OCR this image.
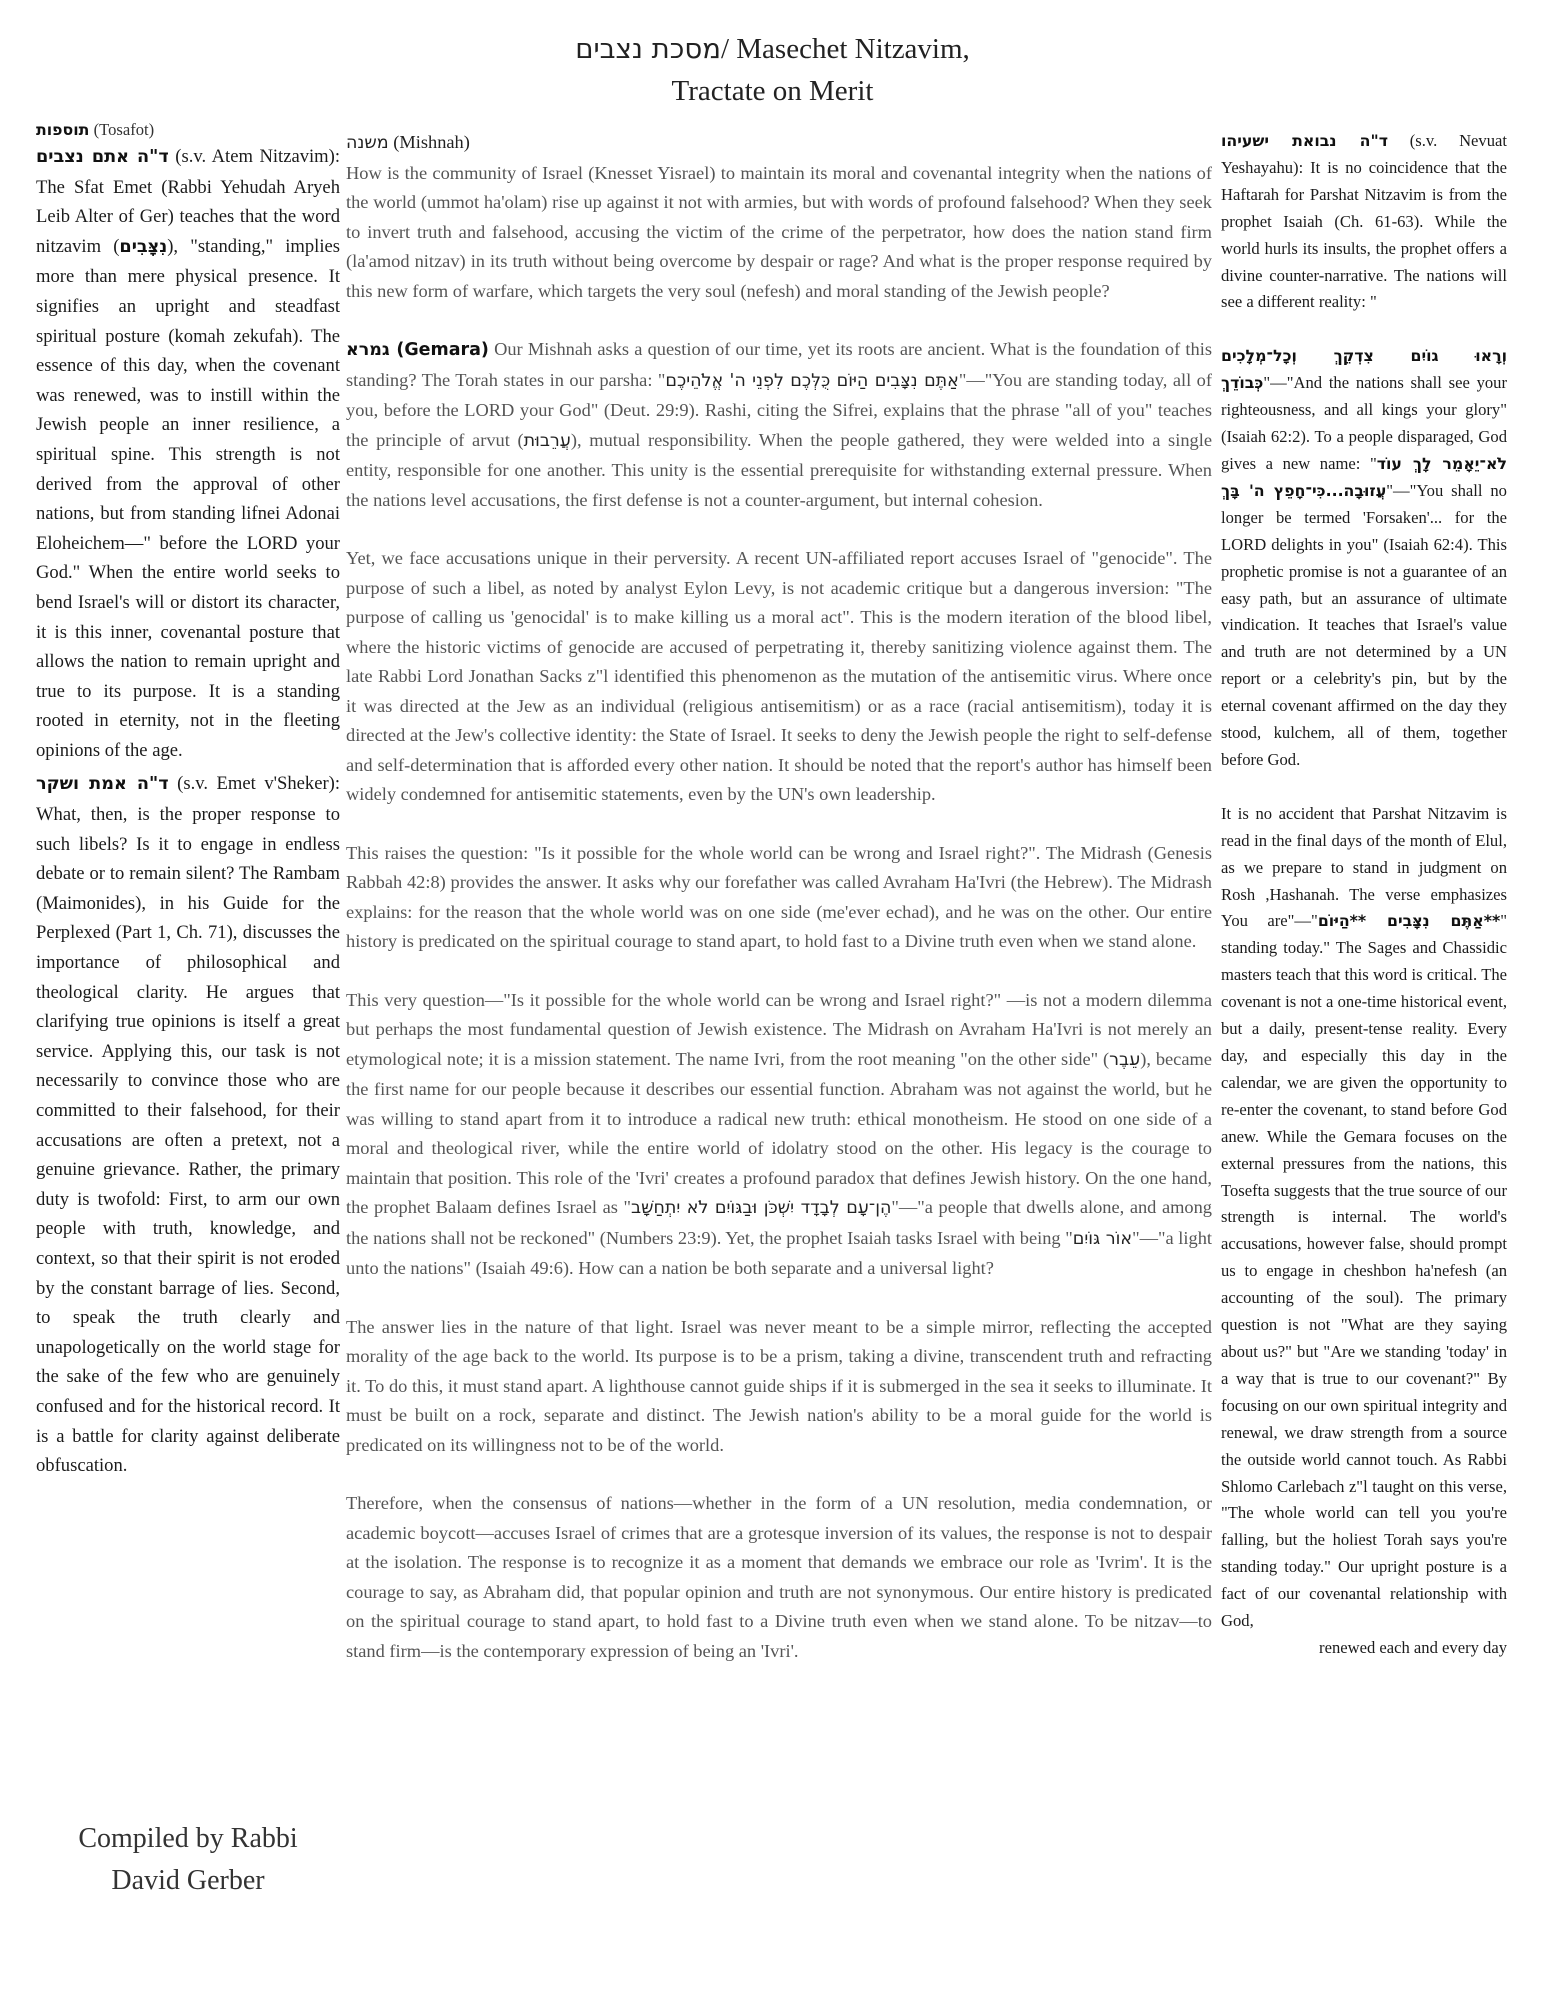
מסכת נצבים/ Masechet Nitzavim,
Tractate on Merit
תוספות (Tosafot)

ד"ה אתם נצבים (s.v. Atem Nitzavim): The Sfat Emet (Rabbi Yehudah Aryeh Leib Alter of Ger) teaches that the word nitzavim (נִצָּבִים), "standing," implies more than mere physical presence. It signifies an upright and steadfast spiritual posture (komah zekufah). The essence of this day, when the covenant was renewed, was to instill within the Jewish people an inner resilience, a spiritual spine. This strength is not derived from the approval of other nations, but from standing lifnei Adonai Eloheichem—" before the LORD your God." When the entire world seeks to bend Israel's will or distort its character, it is this inner, covenantal posture that allows the nation to remain upright and true to its purpose. It is a standing rooted in eternity, not in the fleeting opinions of the age.

ד"ה אמת ושקר (s.v. Emet v'Sheker): What, then, is the proper response to such libels? Is it to engage in endless debate or to remain silent? The Rambam (Maimonides), in his Guide for the Perplexed (Part 1, Ch. 71), discusses the importance of philosophical and theological clarity. He argues that clarifying true opinions is itself a great service. Applying this, our task is not necessarily to convince those who are committed to their falsehood, for their accusations are often a pretext, not a genuine grievance. Rather, the primary duty is twofold: First, to arm our own people with truth, knowledge, and context, so that their spirit is not eroded by the constant barrage of lies. Second, to speak the truth clearly and unapologetically on the world stage for the sake of the few who are genuinely confused and for the historical record. It is a battle for clarity against deliberate obfuscation.

Compiled by Rabbi
David Gerber
משנה (Mishnah)

How is the community of Israel (Knesset Yisrael) to maintain its moral and covenantal integrity when the nations of the world (ummot ha'olam) rise up against it not with armies, but with words of profound falsehood? When they seek to invert truth and falsehood, accusing the victim of the crime of the perpetrator, how does the nation stand firm (la'amod nitzav) in its truth without being overcome by despair or rage? And what is the proper response required by this new form of warfare, which targets the very soul (nefesh) and moral standing of the Jewish people?

גמרא (Gemara) Our Mishnah asks a question of our time, yet its roots are ancient. What is the foundation of this standing? The Torah states in our parsha: "אַתֶּם נִצָּבִים הַיּוֹם כֻּלְּכֶם לִפְנֵי ה' אֱלֹהֵיכֶם"—"You are standing today, all of you, before the LORD your God" (Deut. 29:9). Rashi, citing the Sifrei, explains that the phrase "all of you" teaches the principle of arvut (עֲרֵבוּת), mutual responsibility. When the people gathered, they were welded into a single entity, responsible for one another. This unity is the essential prerequisite for withstanding external pressure. When the nations level accusations, the first defense is not a counter-argument, but internal cohesion.

Yet, we face accusations unique in their perversity. A recent UN-affiliated report accuses Israel of "genocide". The purpose of such a libel, as noted by analyst Eylon Levy, is not academic critique but a dangerous inversion: "The purpose of calling us 'genocidal' is to make killing us a moral act". This is the modern iteration of the blood libel, where the historic victims of genocide are accused of perpetrating it, thereby sanitizing violence against them. The late Rabbi Lord Jonathan Sacks z"l identified this phenomenon as the mutation of the antisemitic virus. Where once it was directed at the Jew as an individual (religious antisemitism) or as a race (racial antisemitism), today it is directed at the Jew's collective identity: the State of Israel. It seeks to deny the Jewish people the right to self-defense and self-determination that is afforded every other nation. It should be noted that the report's author has himself been widely condemned for antisemitic statements, even by the UN's own leadership.

This raises the question: "Is it possible for the whole world can be wrong and Israel right?". The Midrash (Genesis Rabbah 42:8) provides the answer. It asks why our forefather was called Avraham Ha'Ivri (the Hebrew). The Midrash explains: for the reason that the whole world was on one side (me'ever echad), and he was on the other. Our entire history is predicated on the spiritual courage to stand apart, to hold fast to a Divine truth even when we stand alone.

This very question—"Is it possible for the whole world can be wrong and Israel right?" —is not a modern dilemma but perhaps the most fundamental question of Jewish existence. The Midrash on Avraham Ha'Ivri is not merely an etymological note; it is a mission statement. The name Ivri, from the root meaning "on the other side" (עֵבֶר), became the first name for our people because it describes our essential function. Abraham was not against the world, but he was willing to stand apart from it to introduce a radical new truth: ethical monotheism. He stood on one side of a moral and theological river, while the entire world of idolatry stood on the other. His legacy is the courage to maintain that position. This role of the 'Ivri' creates a profound paradox that defines Jewish history. On the one hand, the prophet Balaam defines Israel as "הֶן־עָם לְבָדָד יִשְׁכֹּן וּבַגּוֹיִם לֹא יִתְחַשָּׁב"—"a people that dwells alone, and among the nations shall not be reckoned" (Numbers 23:9). Yet, the prophet Isaiah tasks Israel with being "אוֹר גּוֹיִם"—"a light unto the nations" (Isaiah 49:6). How can a nation be both separate and a universal light?

The answer lies in the nature of that light. Israel was never meant to be a simple mirror, reflecting the accepted morality of the age back to the world. Its purpose is to be a prism, taking a divine, transcendent truth and refracting it. To do this, it must stand apart. A lighthouse cannot guide ships if it is submerged in the sea it seeks to illuminate. It must be built on a rock, separate and distinct. The Jewish nation's ability to be a moral guide for the world is predicated on its willingness not to be of the world.

Therefore, when the consensus of nations—whether in the form of a UN resolution, media condemnation, or academic boycott—accuses Israel of crimes that are a grotesque inversion of its values, the response is not to despair at the isolation. The response is to recognize it as a moment that demands we embrace our role as 'Ivrim'. It is the courage to say, as Abraham did, that popular opinion and truth are not synonymous. Our entire history is predicated on the spiritual courage to stand apart, to hold fast to a Divine truth even when we stand alone. To be nitzav—to stand firm—is the contemporary expression of being an 'Ivri'.

ד"ה נבואת ישעיהו (s.v. Nevuat Yeshayahu): It is no coincidence that the Haftarah for Parshat Nitzavim is from the prophet Isaiah (Ch. 61-63). While the world hurls its insults, the prophet offers a divine counter-narrative. The nations will see a different reality: "

וְרָאוּ גוֹיִם צִדְקֵךְ וְכָל־מְלָכִים כְּבוֹדֵךְ"—"And the nations shall see your righteousness, and all kings your glory" (Isaiah 62:2). To a people disparaged, God gives a new name: "לֹא־יֵאָמֵר לָךְ עוֹד עֲזוּבָה...כִּי־חָפֵץ ה' בָּךְ"—"You shall no longer be termed 'Forsaken'... for the LORD delights in you" (Isaiah 62:4). This prophetic promise is not a guarantee of an easy path, but an assurance of ultimate vindication. It teaches that Israel's value and truth are not determined by a UN report or a celebrity's pin, but by the eternal covenant affirmed on the day they stood, kulchem, all of them, together before God.

It is no accident that Parshat Nitzavim is read in the final days of the month of Elul, as we prepare to stand in judgment on Rosh ,Hashanah. The verse emphasizes You are"—"אַתֶּם נִצָּבִים **הַיּוֹם**" standing today." The Sages and Chassidic masters teach that this word is critical. The covenant is not a one-time historical event, but a daily, present-tense reality. Every day, and especially this day in the calendar, we are given the opportunity to re-enter the covenant, to stand before God anew. While the Gemara focuses on the external pressures from the nations, this Tosefta suggests that the true source of our strength is internal. The world's accusations, however false, should prompt us to engage in cheshbon ha'nefesh (an accounting of the soul). The primary question is not "What are they saying about us?" but "Are we standing 'today' in a way that is true to our covenant?" By focusing on our own spiritual integrity and renewal, we draw strength from a source the outside world cannot touch. As Rabbi Shlomo Carlebach z"l taught on this verse, "The whole world can tell you you're falling, but the holiest Torah says you're standing today." Our upright posture is a fact of our covenantal relationship with God,

renewed each and every day
